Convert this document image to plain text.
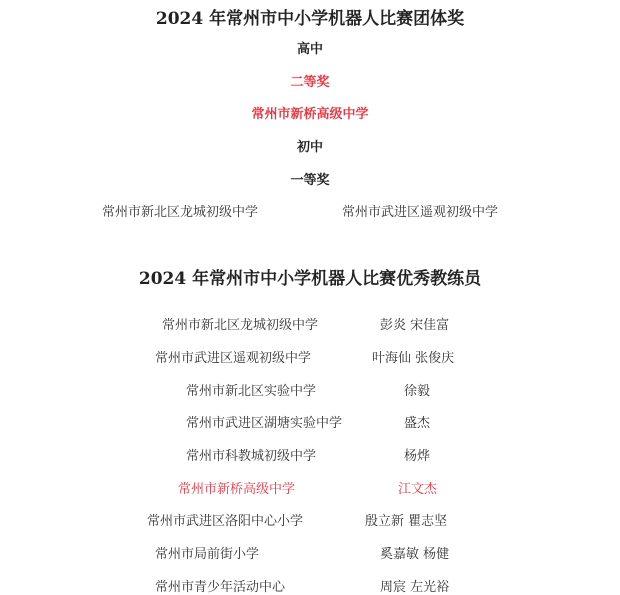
2024 年常州市中小学机器人比赛团体奖
高中
二等奖
常州市新桥高级中学
初中
一等奖
常州市新北区龙城初级中学	常州市武进区遥观初级中学
2024 年常州市中小学机器人比赛优秀教练员
常州市新北区龙城初级中学	彭炎 宋佳富
常州市武进区遥观初级中学	叶海仙 张俊庆
常州市新北区实验中学	徐毅
常州市武进区湖塘实验中学	盛杰
常州市科教城初级中学	杨烨
常州市新桥高级中学	江文杰
常州市武进区洛阳中心小学	殷立新 瞿志坚
常州市局前街小学	奚嘉敏 杨健
常州市青少年活动中心	周宸 左光裕
